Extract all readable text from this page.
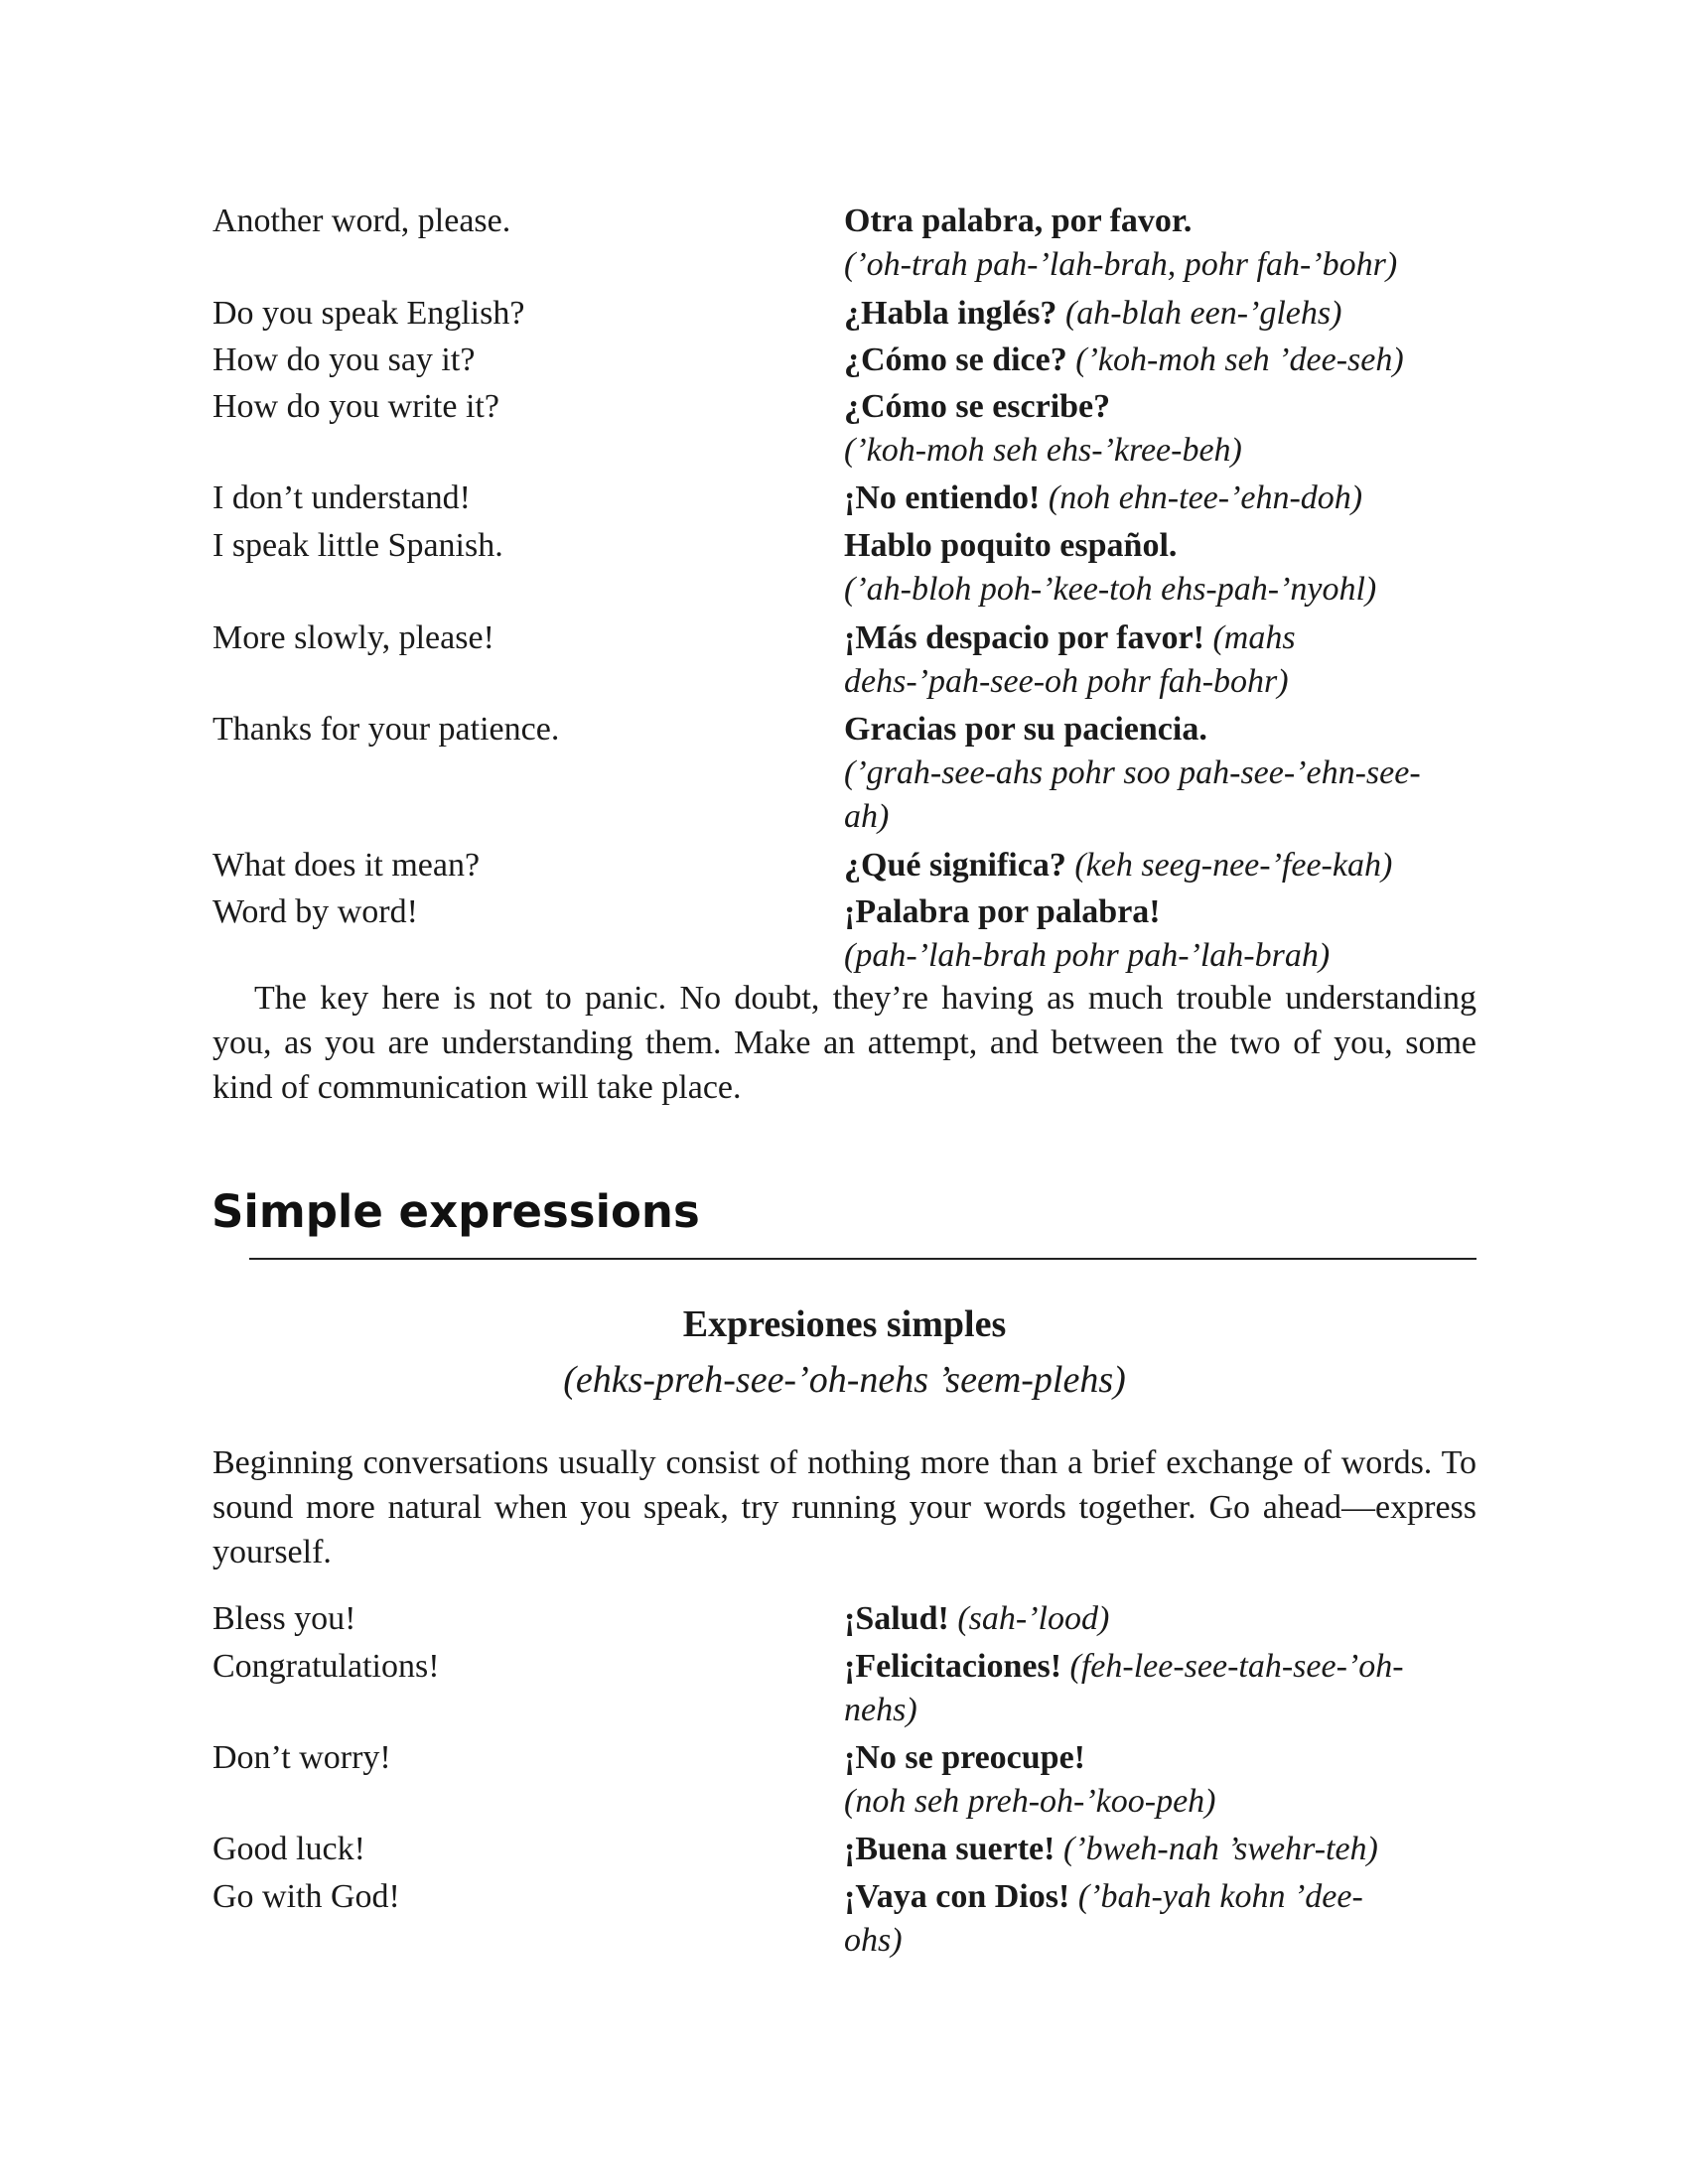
Another word, please.	Otra palabra, por favor.
(’oh-trah pah-’lah-brah, pohr fah-’bohr)
Do you speak English?	¿Habla inglés? (ah-blah een-’glehs)
How do you say it?	¿Cómo se dice? (’koh-moh seh ’dee-seh)
How do you write it?	¿Cómo se escribe?
(’koh-moh seh ehs-’kree-beh)
I don’t understand!	¡No entiendo! (noh ehn-tee-’ehn-doh)
I speak little Spanish.	Hablo poquito español.
(’ah-bloh poh-’kee-toh ehs-pah-’nyohl)
More slowly, please!	¡Más despacio por favor! (mahs
dehs-’pah-see-oh pohr fah-bohr)
Thanks for your patience.	Gracias por su paciencia.
(’grah-see-ahs pohr soo pah-see-’ehn-see-
ah)
What does it mean?	¿Qué significa? (keh seeg-nee-’fee-kah)
Word by word!	¡Palabra por palabra!
(pah-’lah-brah pohr pah-’lah-brah)

The key here is not to panic. No doubt, they’re having as much trouble understanding you, as you are understanding them. Make an attempt, and between the two of you, some kind of communication will take place.

Simple expressions
Expresiones simples
(ehks-preh-see-’oh-nehs ’seem-plehs)

Beginning conversations usually consist of nothing more than a brief exchange of words. To sound more natural when you speak, try running your words together. Go ahead—express yourself.

Bless you!	¡Salud! (sah-’lood)
Congratulations!	¡Felicitaciones! (feh-lee-see-tah-see-’oh-
nehs)
Don’t worry!	¡No se preocupe!
(noh seh preh-oh-’koo-peh)
Good luck!	¡Buena suerte! (’bweh-nah ’swehr-teh)
Go with God!	¡Vaya con Dios! (’bah-yah kohn ’dee-
ohs)
